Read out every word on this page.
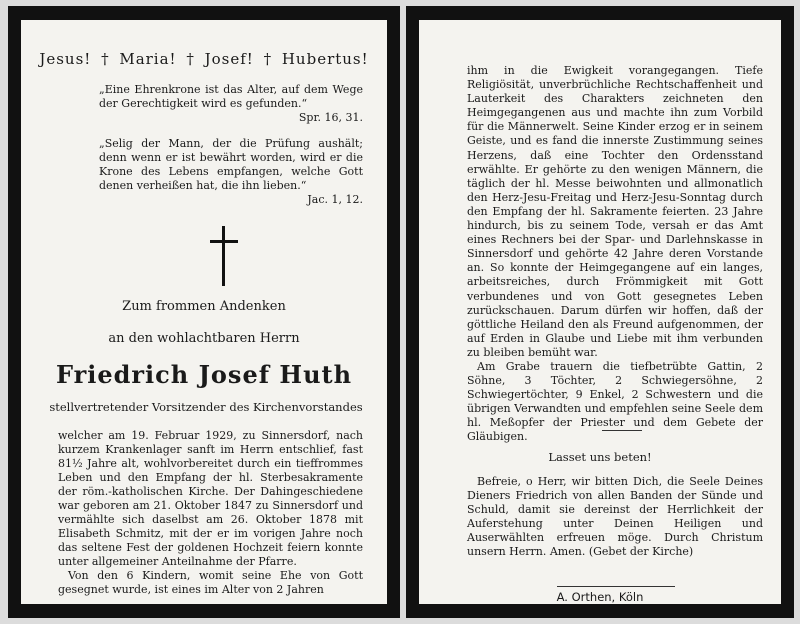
Jesus! † Maria! † Josef! † Hubertus!
„Eine Ehrenkrone ist das Alter, auf dem Wege der Gerechtigkeit wird es gefunden.“
Spr. 16, 31.
„Selig der Mann, der die Prüfung aushält; denn wenn er ist bewährt worden, wird er die Krone des Lebens empfangen, welche Gott denen verheißen hat, die ihn lieben.“
Jac. 1, 12.
Zum frommen Andenken
an den wohlachtbaren Herrn
Friedrich Josef Huth
stellvertretender Vorsitzender des Kirchenvorstandes

welcher am 19. Februar 1929, zu Sinnersdorf, nach kurzem Krankenlager sanft im Herrn entschlief, fast 81½ Jahre alt, wohlvorbereitet durch ein tieffrommes Leben und den Empfang der hl. Sterbesakramente der röm.-katholischen Kirche. Der Dahingeschiedene war geboren am 21. Oktober 1847 zu Sinnersdorf und vermählte sich daselbst am 26. Oktober 1878 mit Elisabeth Schmitz, mit der er im vorigen Jahre noch das seltene Fest der goldenen Hochzeit feiern konnte unter allgemeiner Anteilnahme der Pfarre.

Von den 6 Kindern, womit seine Ehe von Gott gesegnet wurde, ist eines im Alter von 2 Jahren

ihm in die Ewigkeit vorangegangen. Tiefe Religiösität, unverbrüchliche Rechtschaffenheit und Lauterkeit des Charakters zeichneten den Heimgegangenen aus und machte ihn zum Vorbild für die Männerwelt. Seine Kinder erzog er in seinem Geiste, und es fand die innerste Zustimmung seines Herzens, daß eine Tochter den Ordensstand erwählte. Er gehörte zu den wenigen Männern, die täglich der hl. Messe beiwohnten und allmonatlich den Herz-Jesu-Freitag und Herz-Jesu-Sonntag durch den Empfang der hl. Sakramente feierten. 23 Jahre hindurch, bis zu seinem Tode, versah er das Amt eines Rechners bei der Spar- und Darlehnskasse in Sinnersdorf und gehörte 42 Jahre deren Vorstande an. So konnte der Heimgegangene auf ein langes, arbeitsreiches, durch Frömmigkeit mit Gott verbundenes und von Gott gesegnetes Leben zurückschauen. Darum dürfen wir hoffen, daß der göttliche Heiland den als Freund aufgenommen, der auf Erden in Glaube und Liebe mit ihm verbunden zu bleiben bemüht war.

Am Grabe trauern die tiefbetrübte Gattin, 2 Söhne, 3 Töchter, 2 Schwiegersöhne, 2 Schwiegertöchter, 9 Enkel, 2 Schwestern und die übrigen Verwandten und empfehlen seine Seele dem hl. Meßopfer der Priester und dem Gebete der Gläubigen.

Lasset uns beten!

Befreie, o Herr, wir bitten Dich, die Seele Deines Dieners Friedrich von allen Banden der Sünde und Schuld, damit sie dereinst der Herrlichkeit der Auferstehung unter Deinen Heiligen und Auserwählten erfreuen möge. Durch Christum unsern Herrn. Amen. (Gebet der Kirche)

A. Orthen, Köln
